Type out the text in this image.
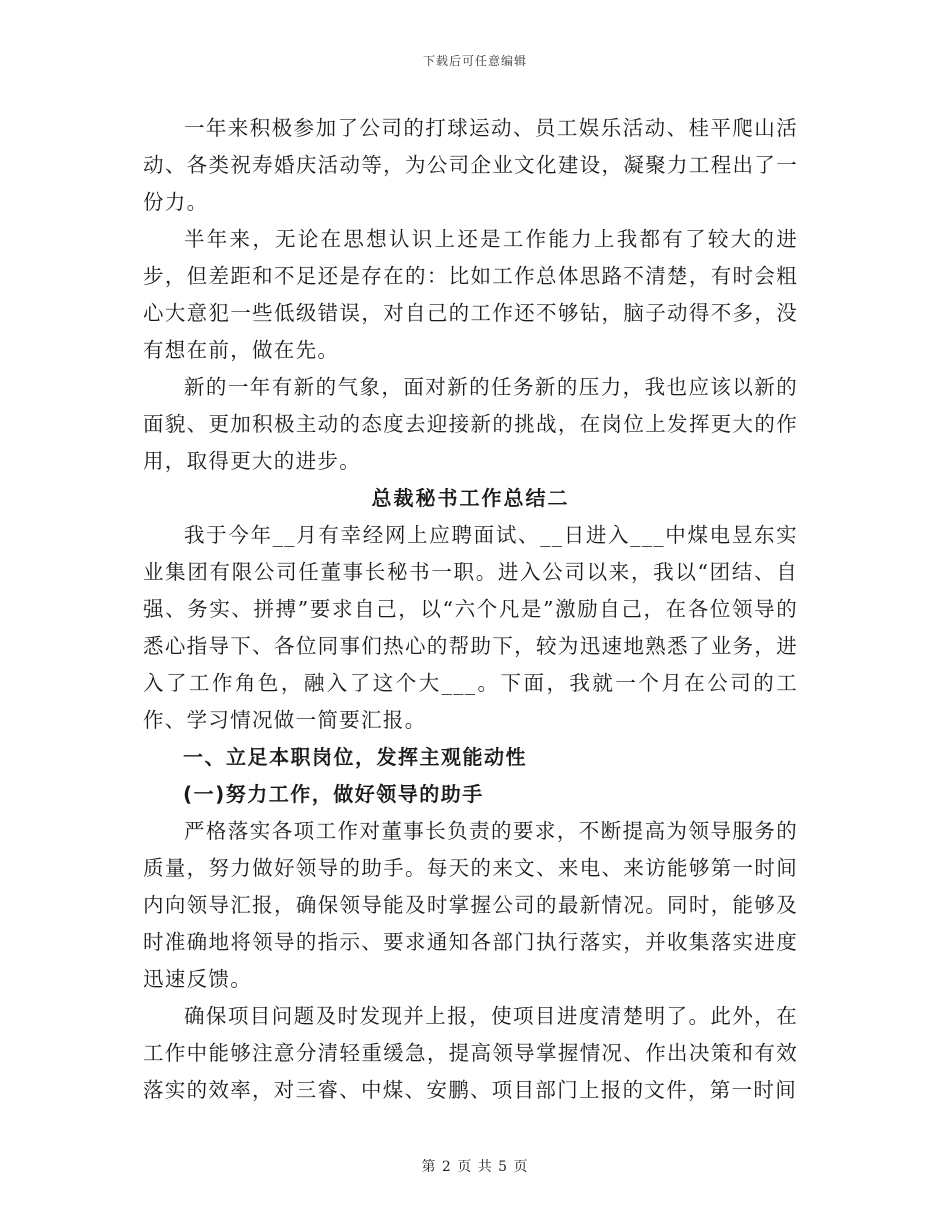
下载后可任意编辑

一年来积极参加了公司的打球运动、员工娱乐活动、桂平爬山活动、各类祝寿婚庆活动等，为公司企业文化建设，凝聚力工程出了一份力。

半年来，无论在思想认识上还是工作能力上我都有了较大的进步，但差距和不足还是存在的：比如工作总体思路不清楚，有时会粗心大意犯一些低级错误，对自己的工作还不够钻，脑子动得不多，没有想在前，做在先。

新的一年有新的气象，面对新的任务新的压力，我也应该以新的面貌、更加积极主动的态度去迎接新的挑战，在岗位上发挥更大的作用，取得更大的进步。

总裁秘书工作总结二

我于今年__月有幸经网上应聘面试、__日进入___中煤电昱东实业集团有限公司任董事长秘书一职。进入公司以来，我以“团结、自强、务实、拼搏”要求自己，以“六个凡是”激励自己，在各位领导的悉心指导下、各位同事们热心的帮助下，较为迅速地熟悉了业务，进入了工作角色，融入了这个大___。下面，我就一个月在公司的工作、学习情况做一简要汇报。

一、立足本职岗位，发挥主观能动性

(一)努力工作，做好领导的助手

严格落实各项工作对董事长负责的要求，不断提高为领导服务的质量，努力做好领导的助手。每天的来文、来电、来访能够第一时间内向领导汇报，确保领导能及时掌握公司的最新情况。同时，能够及时准确地将领导的指示、要求通知各部门执行落实，并收集落实进度迅速反馈。

确保项目问题及时发现并上报，使项目进度清楚明了。此外，在工作中能够注意分清轻重缓急，提高领导掌握情况、作出决策和有效落实的效率，对三睿、中煤、安鹏、项目部门上报的文件，第一时间

第 2 页 共 5 页
